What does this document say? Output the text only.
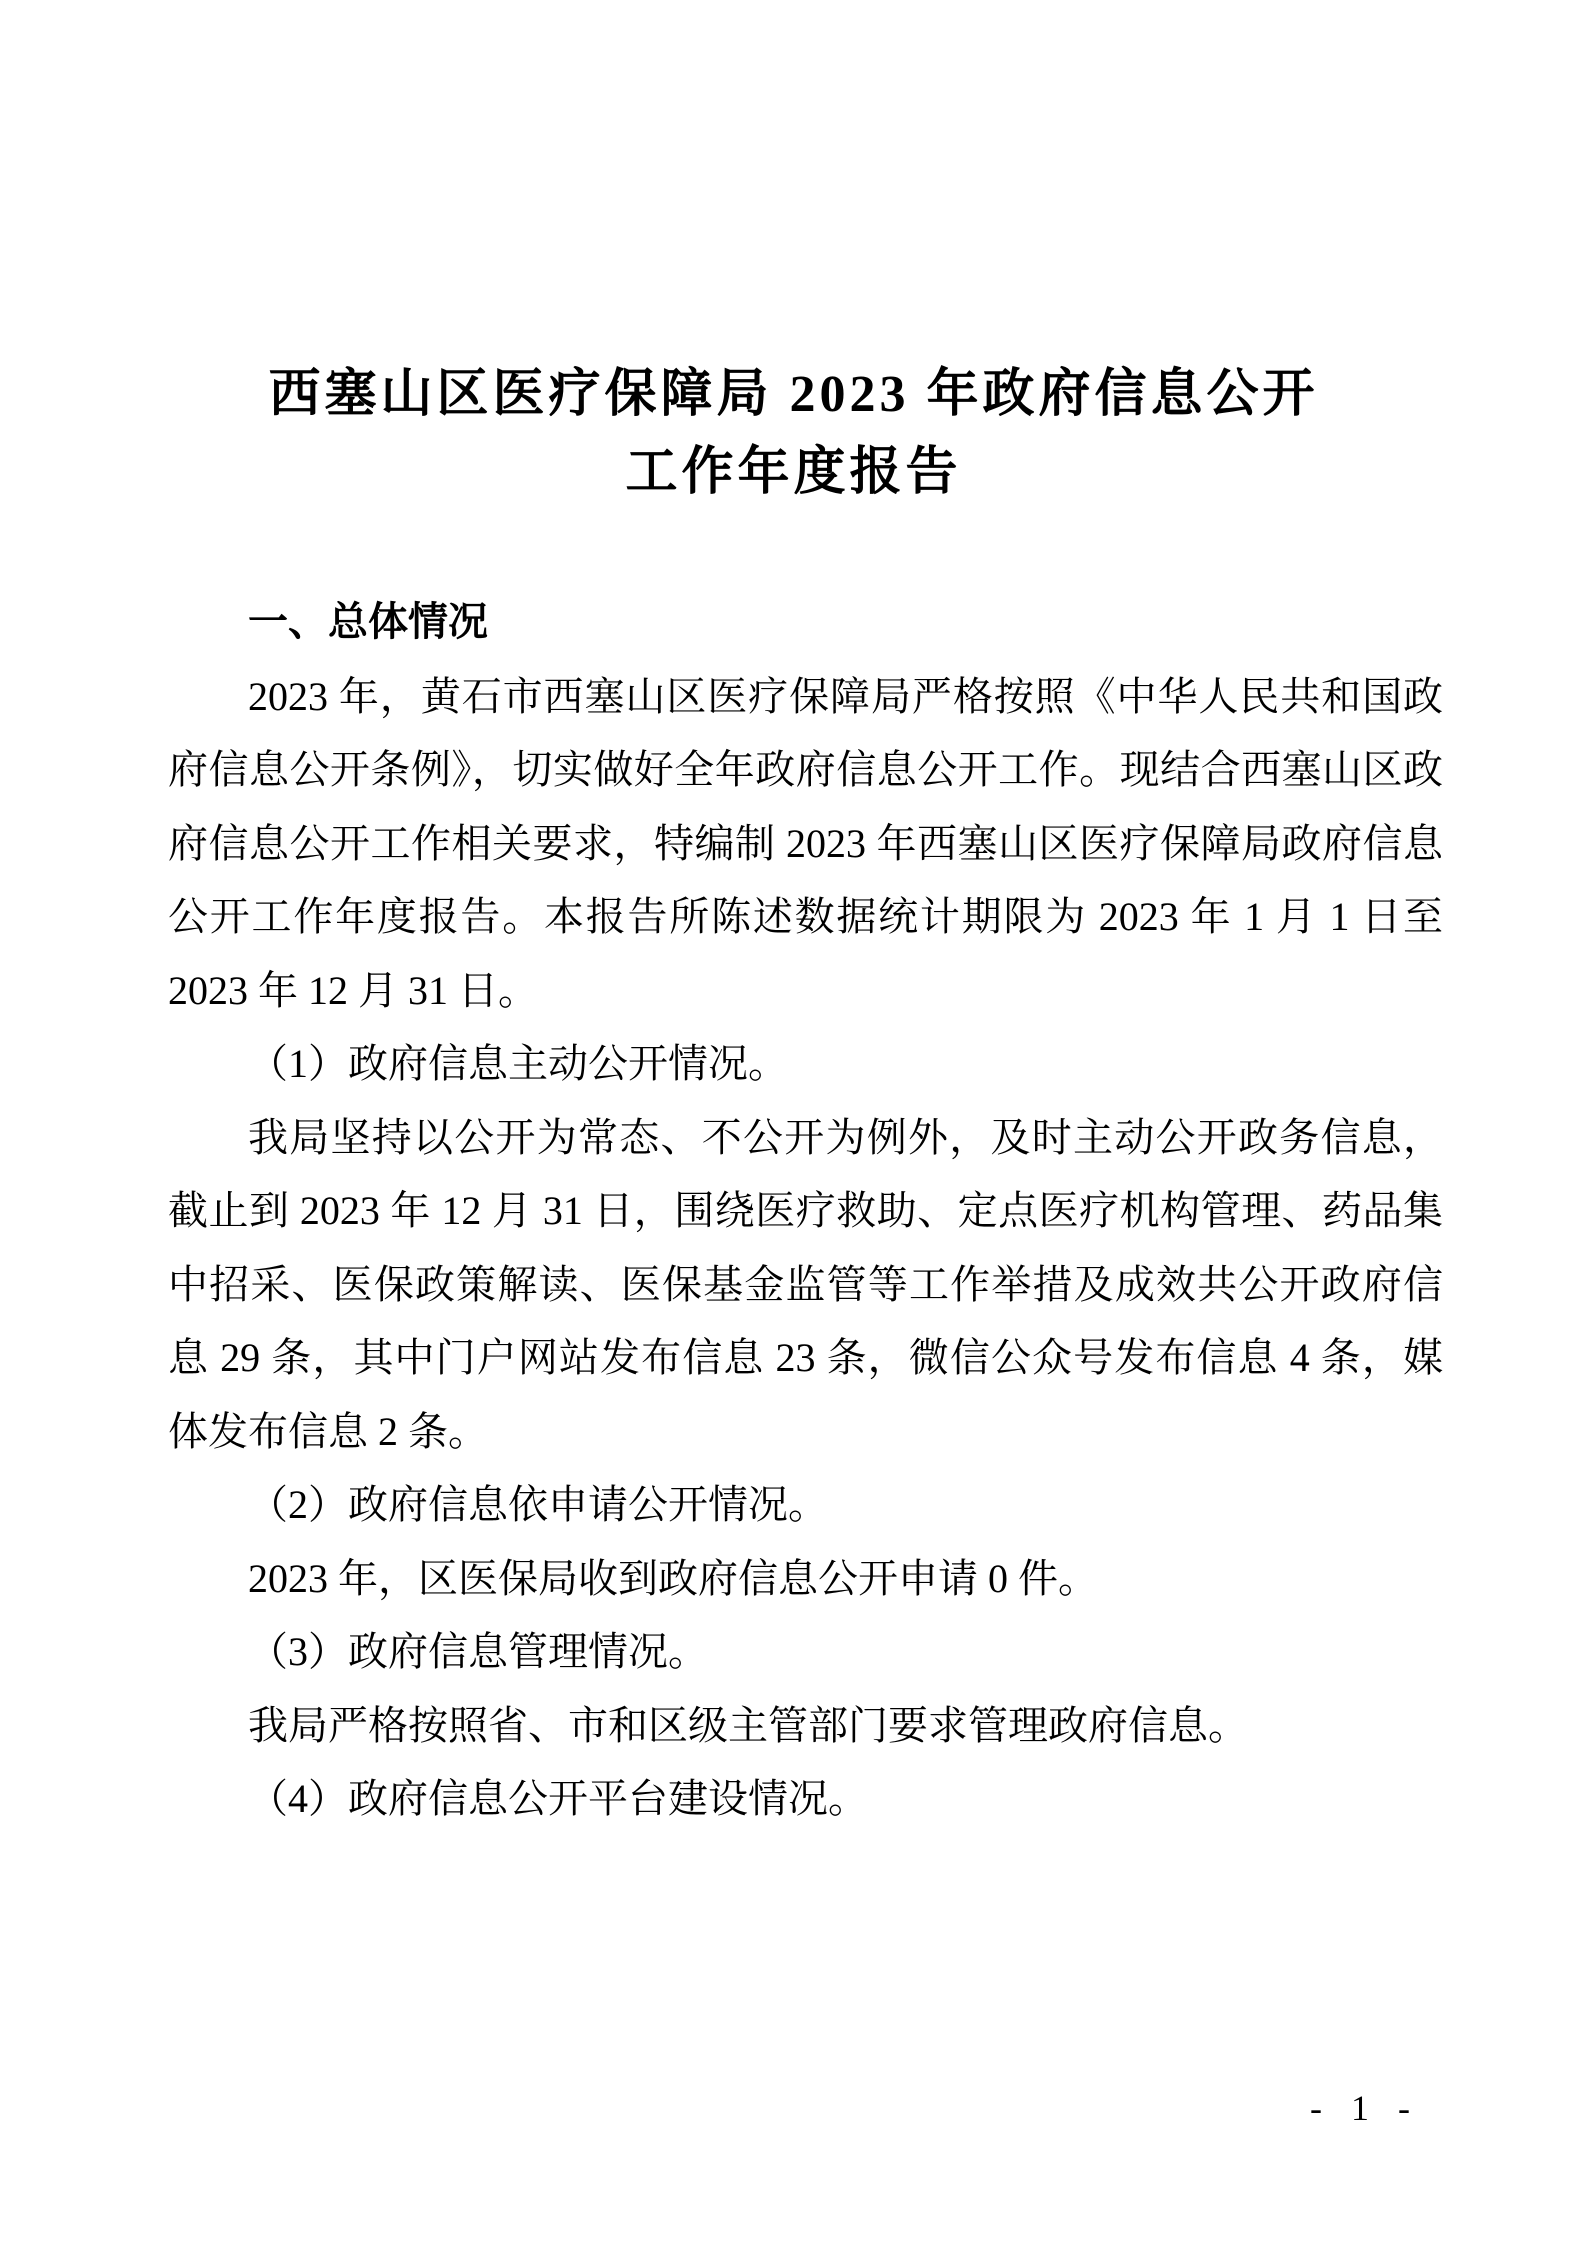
西塞山区医疗保障局 2023 年政府信息公开
工作年度报告

一、总体情况

2023 年，黄石市西塞山区医疗保障局严格按照《中华人民共和国政府信息公开条例》，切实做好全年政府信息公开工作。现结合西塞山区政府信息公开工作相关要求，特编制 2023 年西塞山区医疗保障局政府信息公开工作年度报告。本报告所陈述数据统计期限为 2023 年 1 月 1 日至 2023 年 12 月 31 日。

（1）政府信息主动公开情况。

我局坚持以公开为常态、不公开为例外，及时主动公开政务信息，截止到 2023 年 12 月 31 日，围绕医疗救助、定点医疗机构管理、药品集中招采、医保政策解读、医保基金监管等工作举措及成效共公开政府信息 29 条，其中门户网站发布信息 23 条，微信公众号发布信息 4 条，媒体发布信息 2 条。

（2）政府信息依申请公开情况。

2023 年，区医保局收到政府信息公开申请 0 件。

（3）政府信息管理情况。

我局严格按照省、市和区级主管部门要求管理政府信息。

（4）政府信息公开平台建设情况。

- 1 -
